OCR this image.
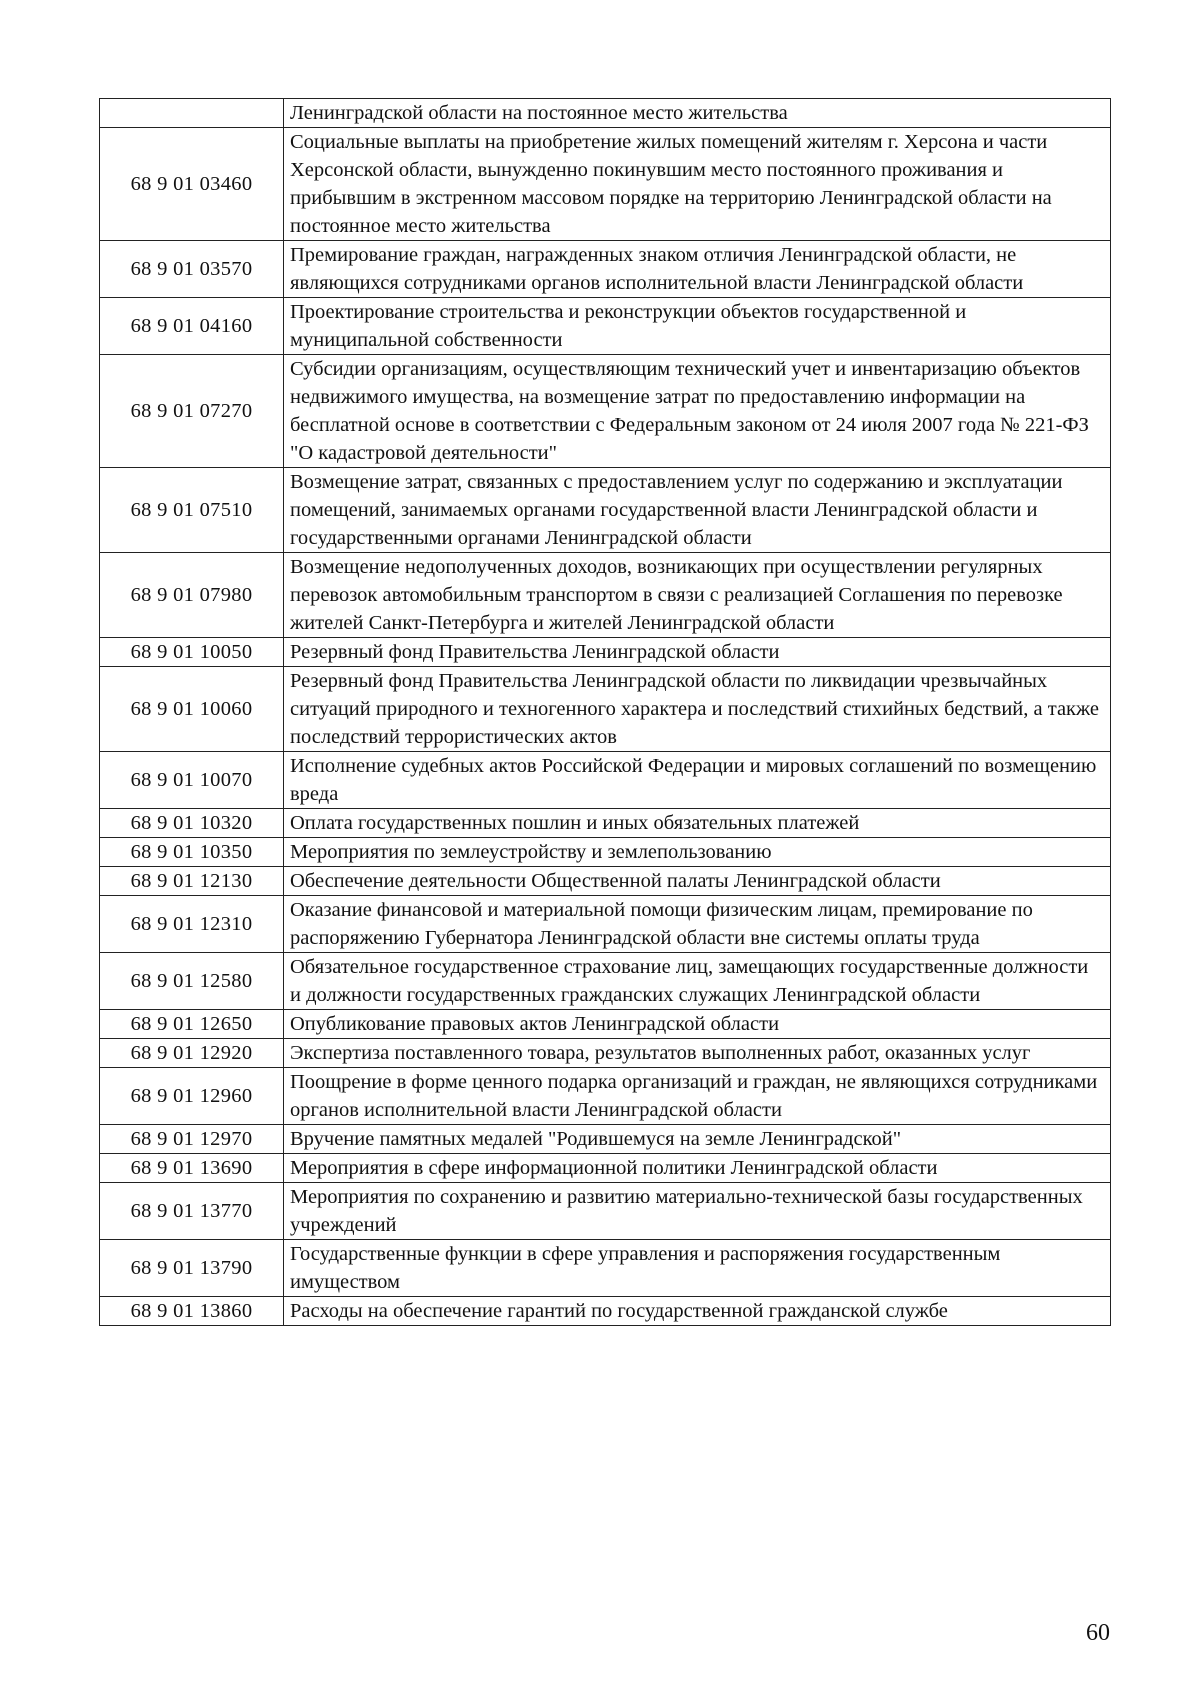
	Ленинградской области на постоянное место жительства
68 9 01 03460	Социальные выплаты на приобретение жилых помещений жителям г. Херсона и части Херсонской области, вынужденно покинувшим место постоянного проживания и прибывшим в экстренном массовом порядке на территорию Ленинградской области на постоянное место жительства
68 9 01 03570	Премирование граждан, награжденных знаком отличия Ленинградской области, не являющихся сотрудниками органов исполнительной власти Ленинградской области
68 9 01 04160	Проектирование строительства и реконструкции объектов государственной и муниципальной собственности
68 9 01 07270	Субсидии организациям, осуществляющим технический учет и инвентаризацию объектов недвижимого имущества, на возмещение затрат по предоставлению информации на бесплатной основе в соответствии с Федеральным законом от 24 июля 2007 года № 221-ФЗ "О кадастровой деятельности"
68 9 01 07510	Возмещение затрат, связанных с предоставлением услуг по содержанию и эксплуатации помещений, занимаемых органами государственной власти Ленинградской области и государственными органами Ленинградской области
68 9 01 07980	Возмещение недополученных доходов, возникающих при осуществлении регулярных перевозок автомобильным транспортом в связи с реализацией Соглашения по перевозке жителей Санкт-Петербурга и жителей Ленинградской области
68 9 01 10050	Резервный фонд Правительства Ленинградской области
68 9 01 10060	Резервный фонд Правительства Ленинградской области по ликвидации чрезвычайных ситуаций природного и техногенного характера и последствий стихийных бедствий, а также последствий террористических актов
68 9 01 10070	Исполнение судебных актов Российской Федерации и мировых соглашений по возмещению вреда
68 9 01 10320	Оплата государственных пошлин и иных обязательных платежей
68 9 01 10350	Мероприятия по землеустройству и землепользованию
68 9 01 12130	Обеспечение деятельности Общественной палаты Ленинградской области
68 9 01 12310	Оказание финансовой и материальной помощи физическим лицам, премирование по распоряжению Губернатора Ленинградской области вне системы оплаты труда
68 9 01 12580	Обязательное государственное страхование лиц, замещающих государственные должности и должности государственных гражданских служащих Ленинградской области
68 9 01 12650	Опубликование правовых актов Ленинградской области
68 9 01 12920	Экспертиза поставленного товара, результатов выполненных работ, оказанных услуг
68 9 01 12960	Поощрение в форме ценного подарка организаций и граждан, не являющихся сотрудниками органов исполнительной власти Ленинградской области
68 9 01 12970	Вручение памятных медалей "Родившемуся на земле Ленинградской"
68 9 01 13690	Мероприятия в сфере информационной политики Ленинградской области
68 9 01 13770	Мероприятия по сохранению и развитию материально-технической базы государственных учреждений
68 9 01 13790	Государственные функции в сфере управления и распоряжения государственным имуществом
68 9 01 13860	Расходы на обеспечение гарантий по государственной гражданской службе
60
